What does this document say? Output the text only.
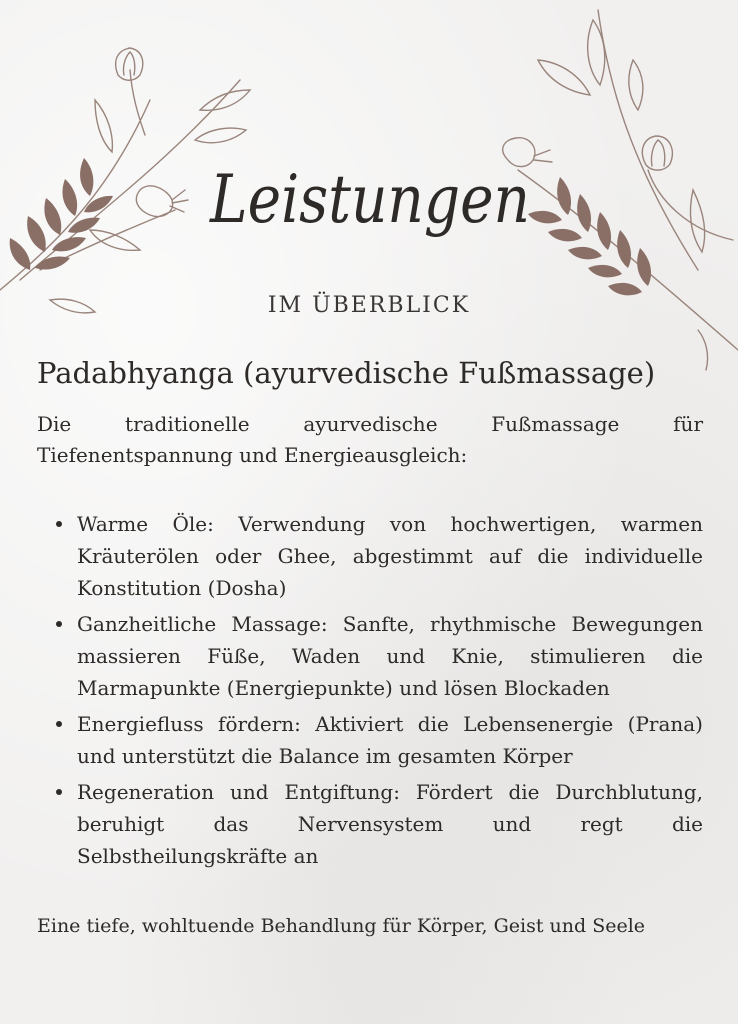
Leistungen
IM ÜBERBLICK
Padabhyanga (ayurvedische Fußmassage)
Die traditionelle ayurvedische Fußmassage für Tiefenentspannung und Energieausgleich:
Warme Öle: Verwendung von hochwertigen, warmen Kräuterölen oder Ghee, abgestimmt auf die individuelle Konstitution (Dosha)
Ganzheitliche Massage: Sanfte, rhythmische Bewegungen massieren Füße, Waden und Knie, stimulieren die Marmapunkte (Energiepunkte) und lösen Blockaden
Energiefluss fördern: Aktiviert die Lebensenergie (Prana) und unterstützt die Balance im gesamten Körper
Regeneration und Entgiftung: Fördert die Durchblutung, beruhigt das Nervensystem und regt die Selbstheilungskräfte an
Eine tiefe, wohltuende Behandlung für Körper, Geist und Seele
